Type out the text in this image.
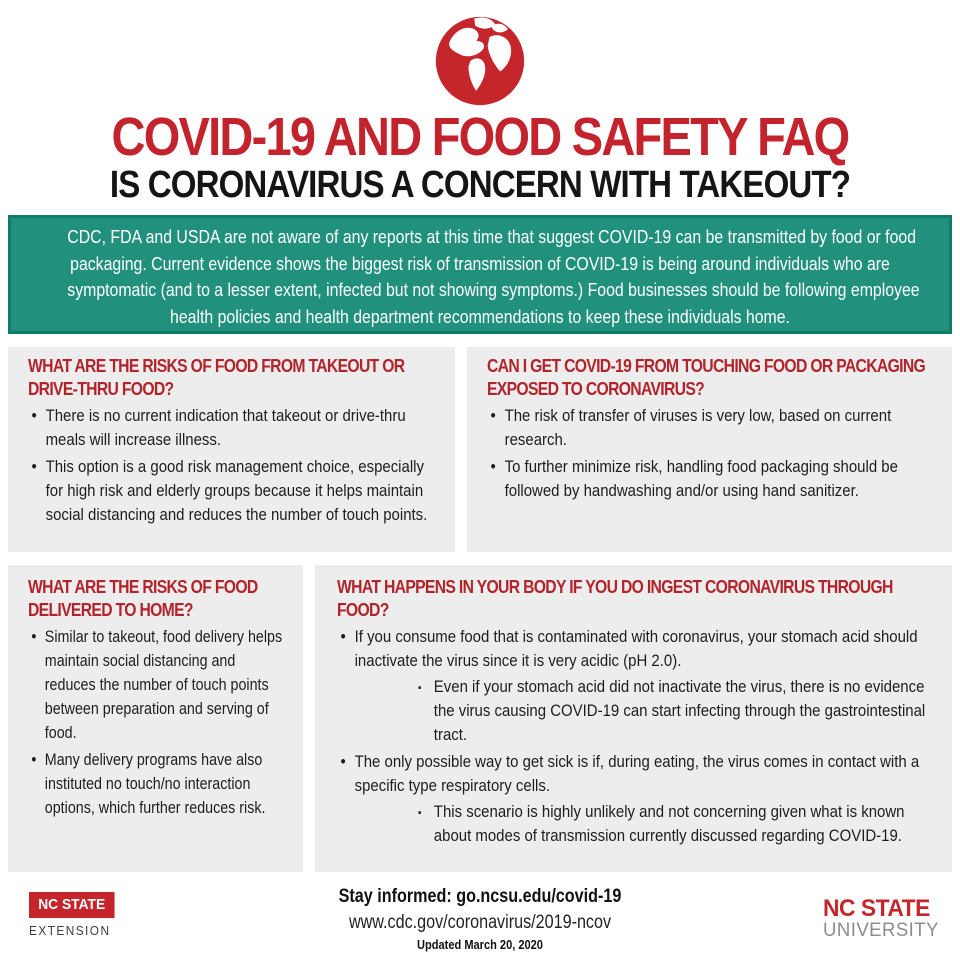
COVID-19 AND FOOD SAFETY FAQ
IS CORONAVIRUS A CONCERN WITH TAKEOUT?
CDC, FDA and USDA are not aware of any reports at this time that suggest COVID-19 can be transmitted by food or food
packaging. Current evidence shows the biggest risk of transmission of COVID-19 is being around individuals who are
symptomatic (and to a lesser extent, infected but not showing symptoms.) Food businesses should be following employee
health policies and health department recommendations to keep these individuals home.
WHAT ARE THE RISKS OF FOOD FROM TAKEOUT OR DRIVE-THRU FOOD?
• There is no current indication that takeout or drive-thru meals will increase illness.
• This option is a good risk management choice, especially for high risk and elderly groups because it helps maintain social distancing and reduces the number of touch points.
CAN I GET COVID-19 FROM TOUCHING FOOD OR PACKAGING EXPOSED TO CORONAVIRUS?
• The risk of transfer of viruses is very low, based on current research.
• To further minimize risk, handling food packaging should be followed by handwashing and/or using hand sanitizer.
WHAT ARE THE RISKS OF FOOD DELIVERED TO HOME?
• Similar to takeout, food delivery helps maintain social distancing and reduces the number of touch points between preparation and serving of food.
• Many delivery programs have also instituted no touch/no interaction options, which further reduces risk.
WHAT HAPPENS IN YOUR BODY IF YOU DO INGEST CORONAVIRUS THROUGH FOOD?
• If you consume food that is contaminated with coronavirus, your stomach acid should inactivate the virus since it is very acidic (pH 2.0).
▪ Even if your stomach acid did not inactivate the virus, there is no evidence the virus causing COVID-19 can start infecting through the gastrointestinal tract.
• The only possible way to get sick is if, during eating, the virus comes in contact with a specific type respiratory cells.
▪ This scenario is highly unlikely and not concerning given what is known about modes of transmission currently discussed regarding COVID-19.
NC STATE
EXTENSION
Stay informed: go.ncsu.edu/covid-19
www.cdc.gov/coronavirus/2019-ncov
Updated March 20, 2020
NC STATE
UNIVERSITY
